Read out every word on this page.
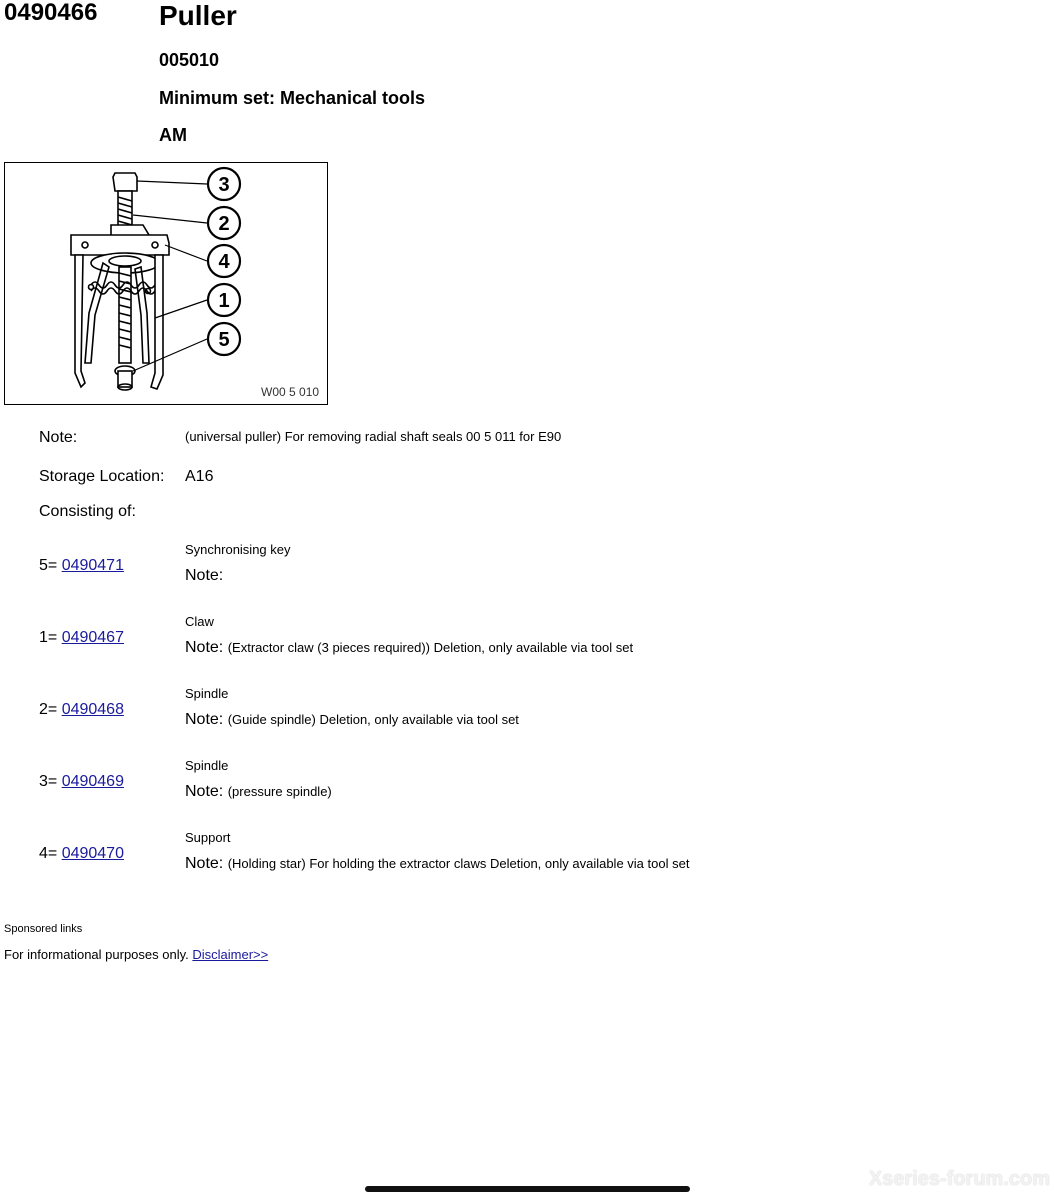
0490466 Puller
005010
Minimum set: Mechanical tools
AM
3
2
4
1
5
W00 5 010
Note:	(universal puller) For removing radial shaft seals 00 5 011 for E90
Storage Location: A16
Consisting of:
5= 0490471
Synchronising key
Note:
1= 0490467
Claw
Note: (Extractor claw (3 pieces required)) Deletion, only available via tool set
2= 0490468
Spindle
Note: (Guide spindle) Deletion, only available via tool set
3= 0490469
Spindle
Note: (pressure spindle)
4= 0490470
Support
Note: (Holding star) For holding the extractor claws Deletion, only available via tool set
Sponsored links
For informational purposes only. Disclaimer>>
Xseries-forum.com
